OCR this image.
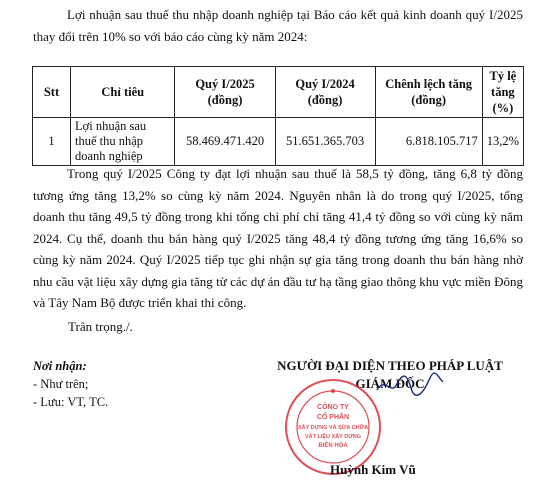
Lợi nhuận sau thuế thu nhập doanh nghiệp tại Báo cáo kết quả kinh doanh quý I/2025 thay đổi trên 10% so với báo cáo cùng kỳ năm 2024:

Stt	Chỉ tiêu	Quý I/2025 (đồng)	Quý I/2024 (đồng)	Chênh lệch tăng (đồng)	Tỷ lệ tăng (%)
1	Lợi nhuận sau thuế thu nhập doanh nghiệp	58.469.471.420	51.651.365.703	6.818.105.717	13,2%

Trong quý I/2025 Công ty đạt lợi nhuận sau thuế là 58,5 tỷ đồng, tăng 6,8 tỷ đồng tương ứng tăng 13,2% so cùng kỳ năm 2024. Nguyên nhân là do trong quý I/2025, tổng doanh thu tăng 49,5 tỷ đồng trong khi tổng chi phí chỉ tăng 41,4 tỷ đồng so với cùng kỳ năm 2024. Cụ thể, doanh thu bán hàng quý I/2025 tăng 48,4 tỷ đồng tương ứng tăng 16,6% so cùng kỳ năm 2024. Quý I/2025 tiếp tục ghi nhận sự gia tăng trong doanh thu bán hàng nhờ nhu cầu vật liệu xây dựng gia tăng từ các dự án đầu tư hạ tầng giao thông khu vực miền Đông và Tây Nam Bộ được triển khai thi công.

Trân trọng./.
Nơi nhận:
- Như trên;
- Lưu: VT, TC.
NGƯỜI ĐẠI DIỆN THEO PHÁP LUẬT
GIÁM ĐỐC
CÔNG TY
CỔ PHẦN
XÂY DỰNG VÀ SỬA CHỮA
VẬT LIỆU XÂY DỰNG
BIÊN HÒA
Huỳnh Kim Vũ
